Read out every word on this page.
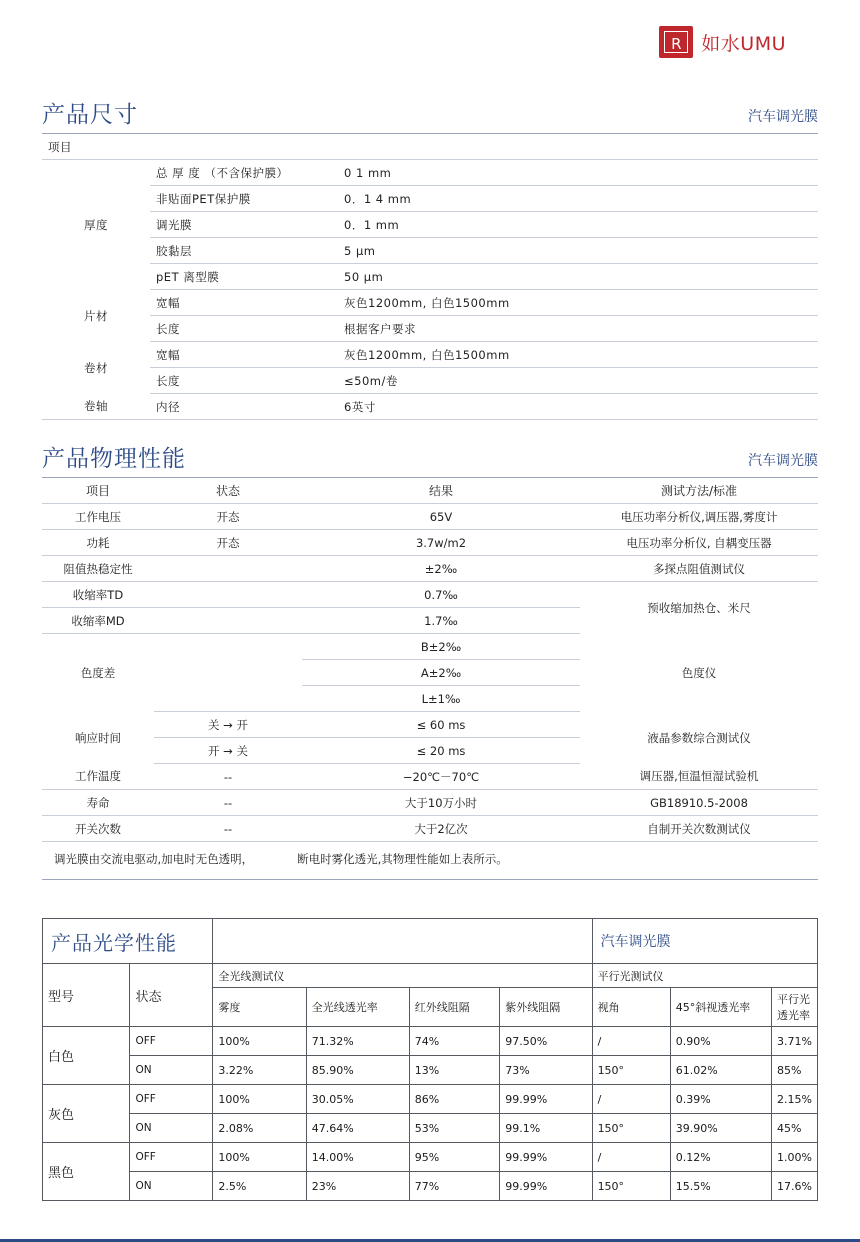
R	如水UMU
产品尺寸	汽车调光膜
项目		
厚度	总 厚 度 （不含保护膜）	0 1 mm
	非贴面PET保护膜	0．1 4 mm
	调光膜	0．1 mm
	胶黏层	5 μm
	pET 离型膜	50 μm
片材	宽幅	灰色1200mm, 白色1500mm
	长度	根据客户要求
卷材	宽幅	灰色1200mm, 白色1500mm
	长度	≤50m/卷
卷轴	内径	6英寸
产品物理性能	汽车调光膜
项目	状态	结果	测试方法/标准
工作电压	开态	65V	电压功率分析仪,调压器,雾度计
功耗	开态	3.7w/m2	电压功率分析仪, 自耦变压器
阻值热稳定性		±2‰	多探点阻值测试仪
收缩率TD		0.7‰	预收缩加热仓、米尺
收缩率MD		1.7‰	
色度差		B±2‰	色度仪
		A±2‰	
		L±1‰	
响应时间	关 → 开	≤ 60 ms	液晶参数综合测试仪
	开 → 关	≤ 20 ms	
工作温度	--	−20℃－70℃	调压器,恒温恒湿试验机
寿命	--	大于10万小时	GB18910.5-2008
开关次数	--	大于2亿次	自制开关次数测试仪
调光膜由交流电驱动,加电时无色透明，	断电时雾化透光,其物理性能如上表所示。
产品光学性能						汽车调光膜		
型号	状态	全光线测试仪				平行光测试仪		
		雾度	全光线透光率	红外线阻隔	紫外线阻隔	视角	45°斜视透光率	平行光透光率
白色	OFF	100%	71.32%	74%	97.50%	/	0.90%	3.71%
	ON	3.22%	85.90%	13%	73%	150°	61.02%	85%
灰色	OFF	100%	30.05%	86%	99.99%	/	0.39%	2.15%
	ON	2.08%	47.64%	53%	99.1%	150°	39.90%	45%
黑色	OFF	100%	14.00%	95%	99.99%	/	0.12%	1.00%
	ON	2.5%	23%	77%	99.99%	150°	15.5%	17.6%
